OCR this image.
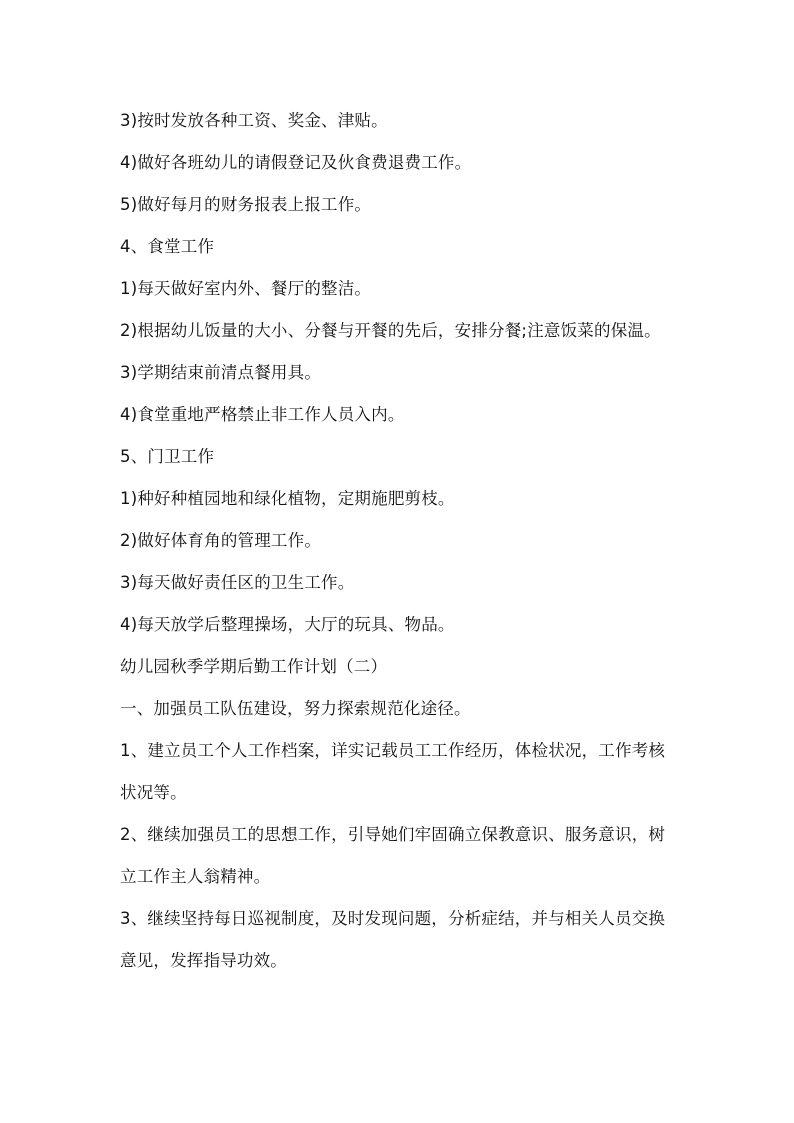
3)按时发放各种工资、奖金、津贴。

4)做好各班幼儿的请假登记及伙食费退费工作。

5)做好每月的财务报表上报工作。

4、食堂工作

1)每天做好室内外、餐厅的整洁。

2)根据幼儿饭量的大小、分餐与开餐的先后，安排分餐;注意饭菜的保温。

3)学期结束前清点餐用具。

4)食堂重地严格禁止非工作人员入内。

5、门卫工作

1)种好种植园地和绿化植物，定期施肥剪枝。

2)做好体育角的管理工作。

3)每天做好责任区的卫生工作。

4)每天放学后整理操场，大厅的玩具、物品。

幼儿园秋季学期后勤工作计划（二）

一、加强员工队伍建设，努力探索规范化途径。

1、建立员工个人工作档案，详实记载员工工作经历，体检状况，工作考核状况等。

2、继续加强员工的思想工作，引导她们牢固确立保教意识、服务意识，树立工作主人翁精神。

3、继续坚持每日巡视制度，及时发现问题，分析症结，并与相关人员交换意见，发挥指导功效。
